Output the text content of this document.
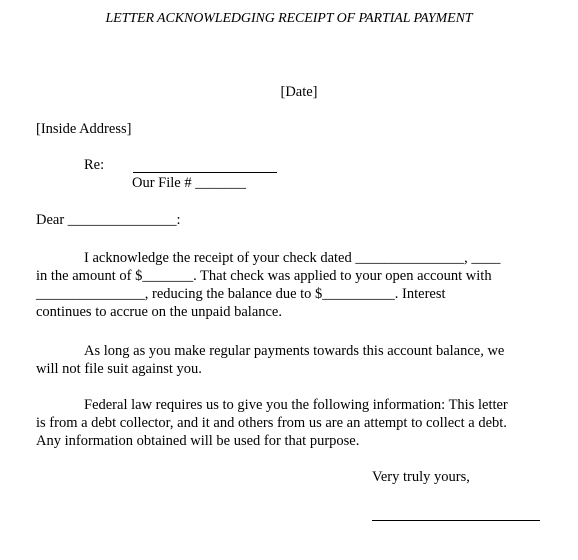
LETTER ACKNOWLEDGING RECEIPT OF PARTIAL PAYMENT
[Date]
[Inside Address]
Re:
Our File # _______
Dear _______________:
I acknowledge the receipt of your check dated _______________, ____
in the amount of $_______. That check was applied to your open account with
_______________, reducing the balance due to $__________. Interest
continues to accrue on the unpaid balance.
As long as you make regular payments towards this account balance, we
will not file suit against you.
Federal law requires us to give you the following information: This letter
is from a debt collector, and it and others from us are an attempt to collect a debt.
Any information obtained will be used for that purpose.
Very truly yours,
